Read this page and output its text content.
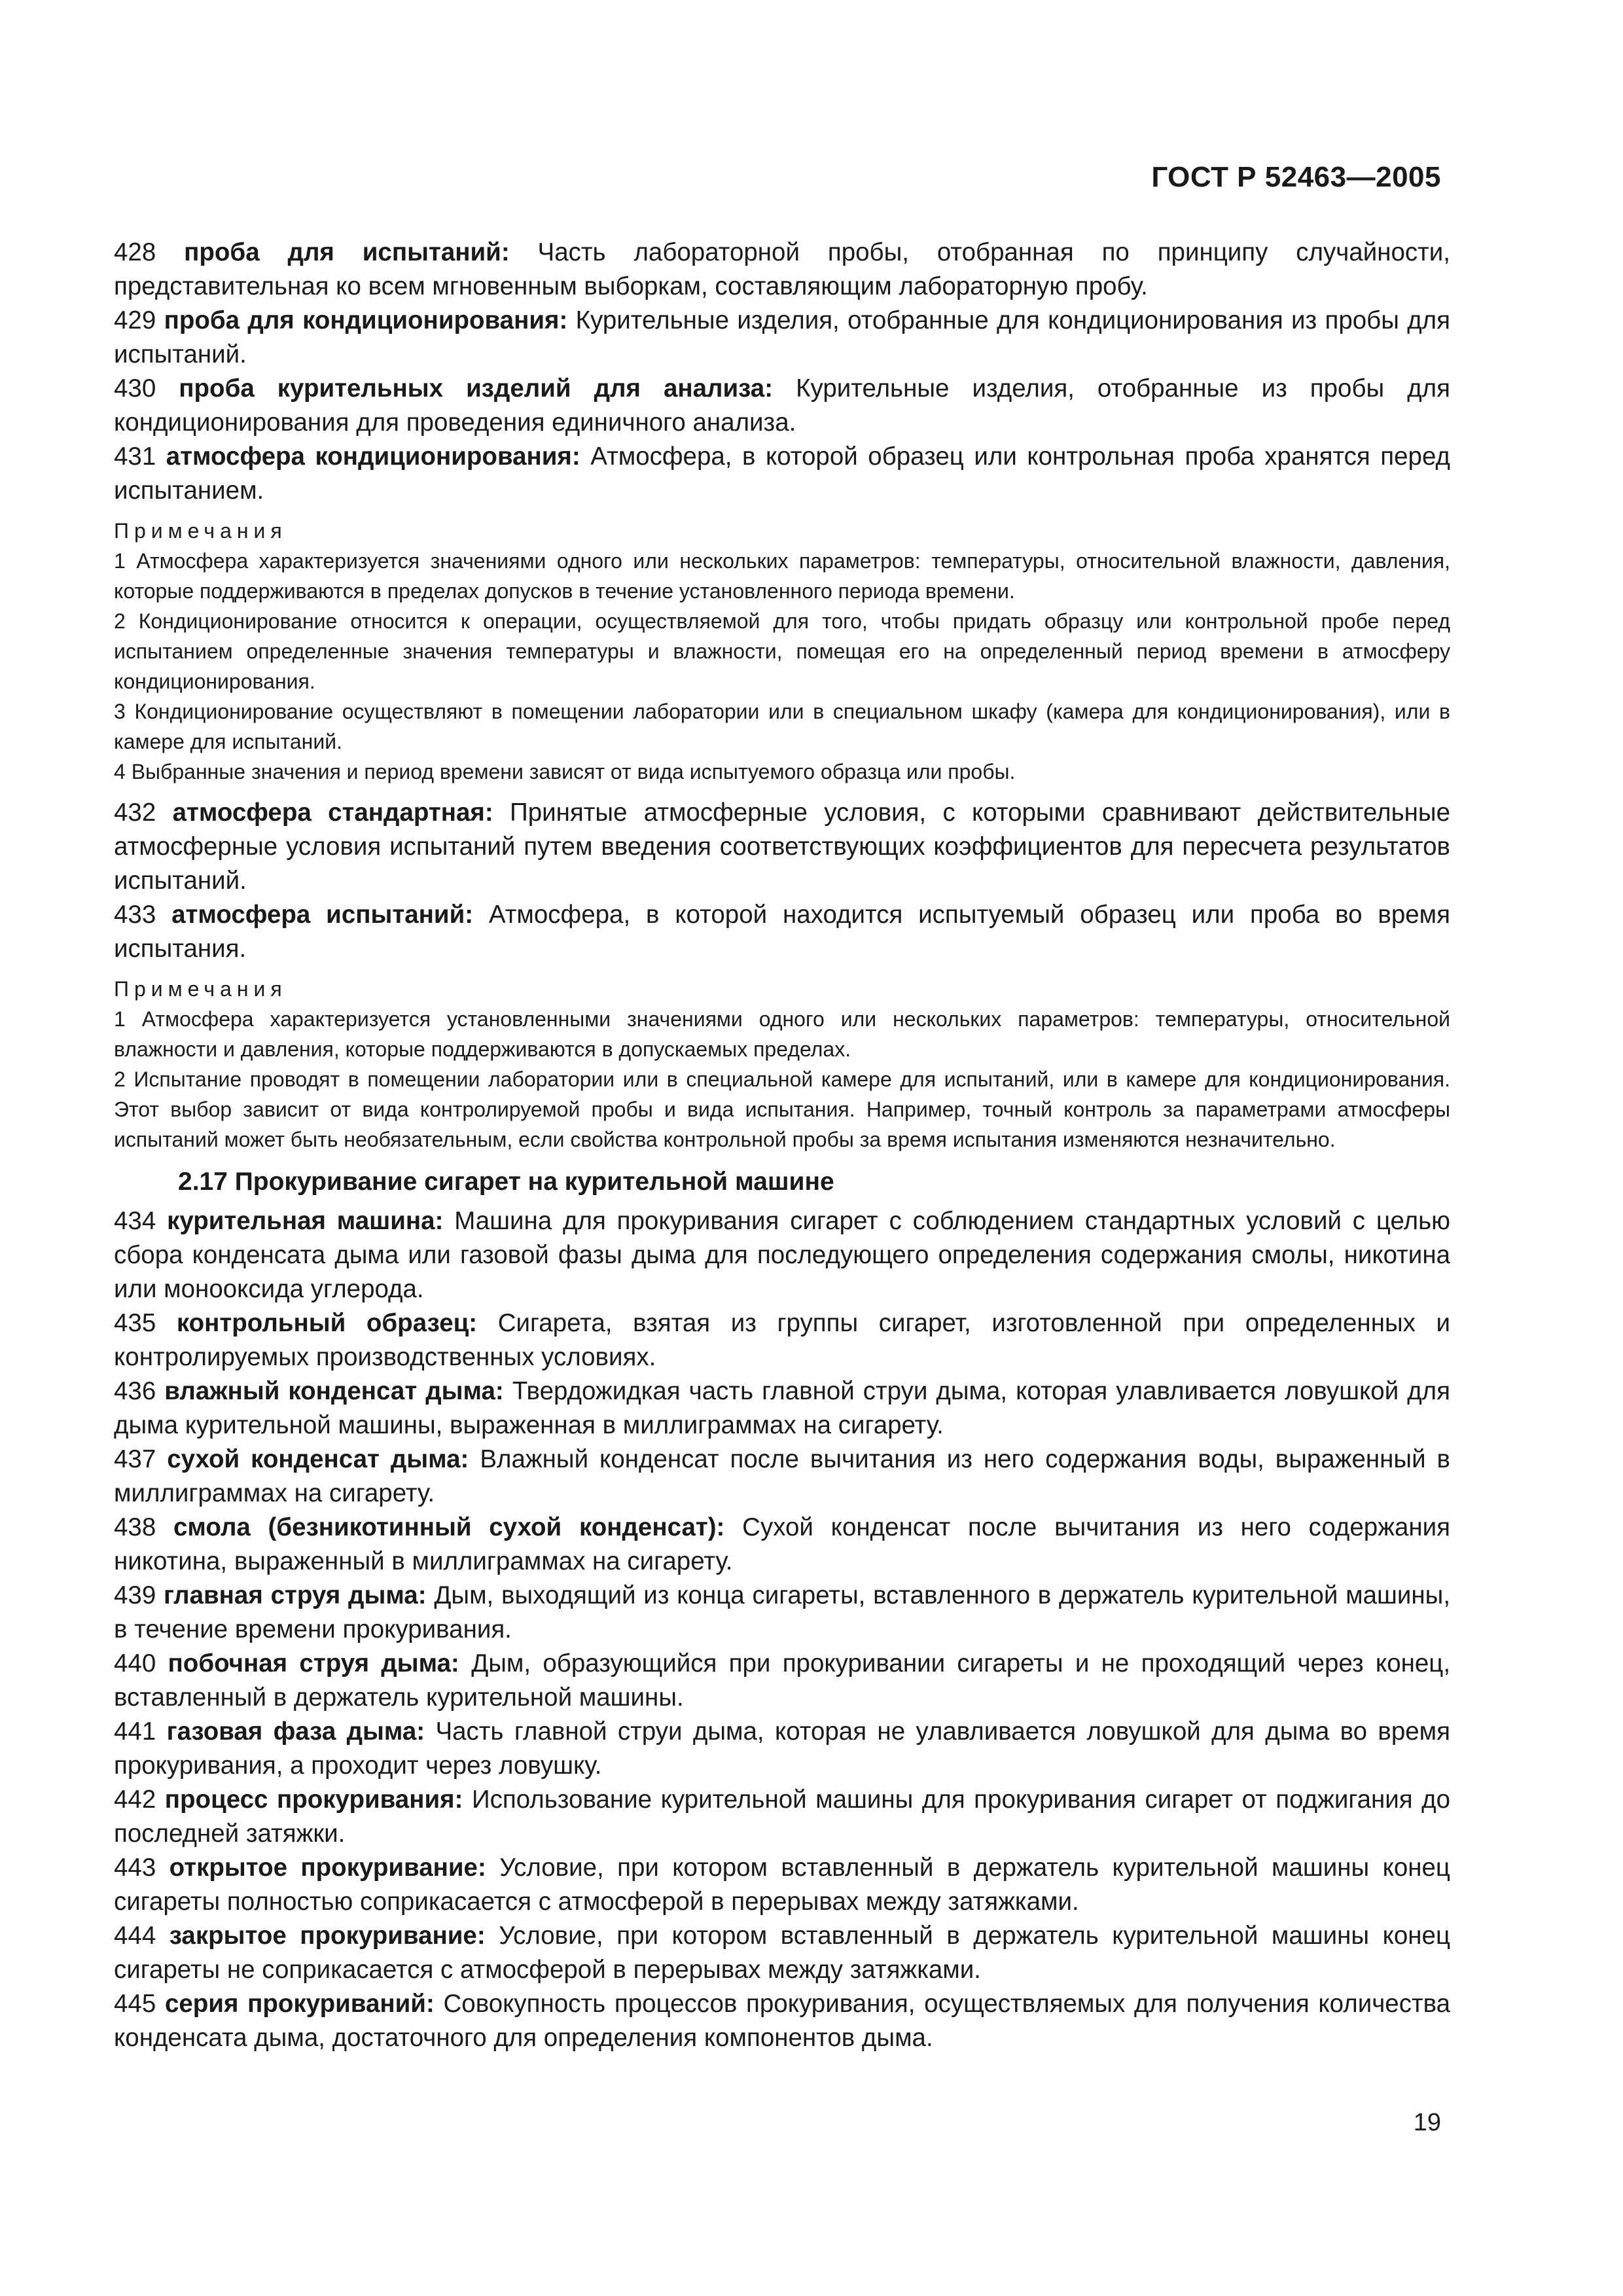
ГОСТ Р 52463—2005

428 проба для испытаний: Часть лабораторной пробы, отобранная по принципу случайности, представительная ко всем мгновенным выборкам, составляющим лабораторную пробу.

429 проба для кондиционирования: Курительные изделия, отобранные для кондиционирования из пробы для испытаний.

430 проба курительных изделий для анализа: Курительные изделия, отобранные из пробы для кондиционирования для проведения единичного анализа.

431 атмосфера кондиционирования: Атмосфера, в которой образец или контрольная проба хранятся перед испытанием.

Примечания

1 Атмосфера характеризуется значениями одного или нескольких параметров: температуры, относительной влажности, давления, которые поддерживаются в пределах допусков в течение установленного периода времени.

2 Кондиционирование относится к операции, осуществляемой для того, чтобы придать образцу или контрольной пробе перед испытанием определенные значения температуры и влажности, помещая его на определенный период времени в атмосферу кондиционирования.

3 Кондиционирование осуществляют в помещении лаборатории или в специальном шкафу (камера для кондиционирования), или в камере для испытаний.

4 Выбранные значения и период времени зависят от вида испытуемого образца или пробы.

432 атмосфера стандартная: Принятые атмосферные условия, с которыми сравнивают действительные атмосферные условия испытаний путем введения соответствующих коэффициентов для пересчета результатов испытаний.

433 атмосфера испытаний: Атмосфера, в которой находится испытуемый образец или проба во время испытания.

Примечания

1 Атмосфера характеризуется установленными значениями одного или нескольких параметров: температуры, относительной влажности и давления, которые поддерживаются в допускаемых пределах.

2 Испытание проводят в помещении лаборатории или в специальной камере для испытаний, или в камере для кондиционирования. Этот выбор зависит от вида контролируемой пробы и вида испытания. Например, точный контроль за параметрами атмосферы испытаний может быть необязательным, если свойства контрольной пробы за время испытания изменяются незначительно.

2.17 Прокуривание сигарет на курительной машине

434 курительная машина: Машина для прокуривания сигарет с соблюдением стандартных условий с целью сбора конденсата дыма или газовой фазы дыма для последующего определения содержания смолы, никотина или монооксида углерода.

435 контрольный образец: Сигарета, взятая из группы сигарет, изготовленной при определенных и контролируемых производственных условиях.

436 влажный конденсат дыма: Твердожидкая часть главной струи дыма, которая улавливается ловушкой для дыма курительной машины, выраженная в миллиграммах на сигарету.

437 сухой конденсат дыма: Влажный конденсат после вычитания из него содержания воды, выраженный в миллиграммах на сигарету.

438 смола (безникотинный сухой конденсат): Сухой конденсат после вычитания из него содержания никотина, выраженный в миллиграммах на сигарету.

439 главная струя дыма: Дым, выходящий из конца сигареты, вставленного в держатель курительной машины, в течение времени прокуривания.

440 побочная струя дыма: Дым, образующийся при прокуривании сигареты и не проходящий через конец, вставленный в держатель курительной машины.

441 газовая фаза дыма: Часть главной струи дыма, которая не улавливается ловушкой для дыма во время прокуривания, а проходит через ловушку.

442 процесс прокуривания: Использование курительной машины для прокуривания сигарет от поджигания до последней затяжки.

443 открытое прокуривание: Условие, при котором вставленный в держатель курительной машины конец сигареты полностью соприкасается с атмосферой в перерывах между затяжками.

444 закрытое прокуривание: Условие, при котором вставленный в держатель курительной машины конец сигареты не соприкасается с атмосферой в перерывах между затяжками.

445 серия прокуриваний: Совокупность процессов прокуривания, осуществляемых для получения количества конденсата дыма, достаточного для определения компонентов дыма.

19
